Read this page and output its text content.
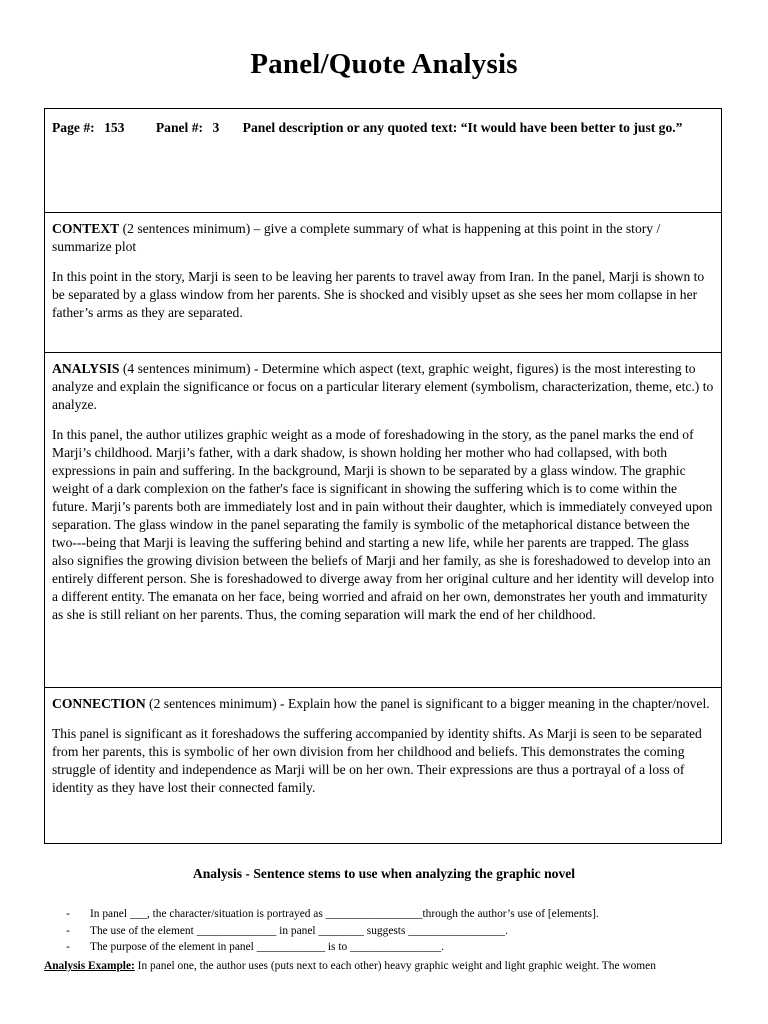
Panel/Quote Analysis
Page #: 153 Panel #: 3 Panel description or any quoted text: “It would have been better to just go.”

CONTEXT (2 sentences minimum) – give a complete summary of what is happening at this point in the story / summarize plot

In this point in the story, Marji is seen to be leaving her parents to travel away from Iran. In the panel, Marji is shown to be separated by a glass window from her parents. She is shocked and visibly upset as she sees her mom collapse in her father’s arms as they are separated.

ANALYSIS (4 sentences minimum) - Determine which aspect (text, graphic weight, figures) is the most interesting to analyze and explain the significance or focus on a particular literary element (symbolism, characterization, theme, etc.) to analyze.

In this panel, the author utilizes graphic weight as a mode of foreshadowing in the story, as the panel marks the end of Marji’s childhood. Marji’s father, with a dark shadow, is shown holding her mother who had collapsed, with both expressions in pain and suffering. In the background, Marji is shown to be separated by a glass window. The graphic weight of a dark complexion on the father's face is significant in showing the suffering which is to come within the future. Marji’s parents both are immediately lost and in pain without their daughter, which is immediately conveyed upon separation. The glass window in the panel separating the family is symbolic of the metaphorical distance between the two---being that Marji is leaving the suffering behind and starting a new life, while her parents are trapped. The glass also signifies the growing division between the beliefs of Marji and her family, as she is foreshadowed to develop into an entirely different person. She is foreshadowed to diverge away from her original culture and her identity will develop into a different entity. The emanata on her face, being worried and afraid on her own, demonstrates her youth and immaturity as she is still reliant on her parents. Thus, the coming separation will mark the end of her childhood.

CONNECTION (2 sentences minimum) - Explain how the panel is significant to a bigger meaning in the chapter/novel.

This panel is significant as it foreshadows the suffering accompanied by identity shifts. As Marji is seen to be separated from her parents, this is symbolic of her own division from her childhood and beliefs. This demonstrates the coming struggle of identity and independence as Marji will be on her own. Their expressions are thus a portrayal of a loss of identity as they have lost their connected family.

Analysis - Sentence stems to use when analyzing the graphic novel
- In panel ___, the character/situation is portrayed as _________________through the author’s use of [elements].
- The use of the element ______________ in panel ________ suggests _________________.
- The purpose of the element in panel ____________ is to ________________.
Analysis Example: In panel one, the author uses (puts next to each other) heavy graphic weight and light graphic weight. The women
